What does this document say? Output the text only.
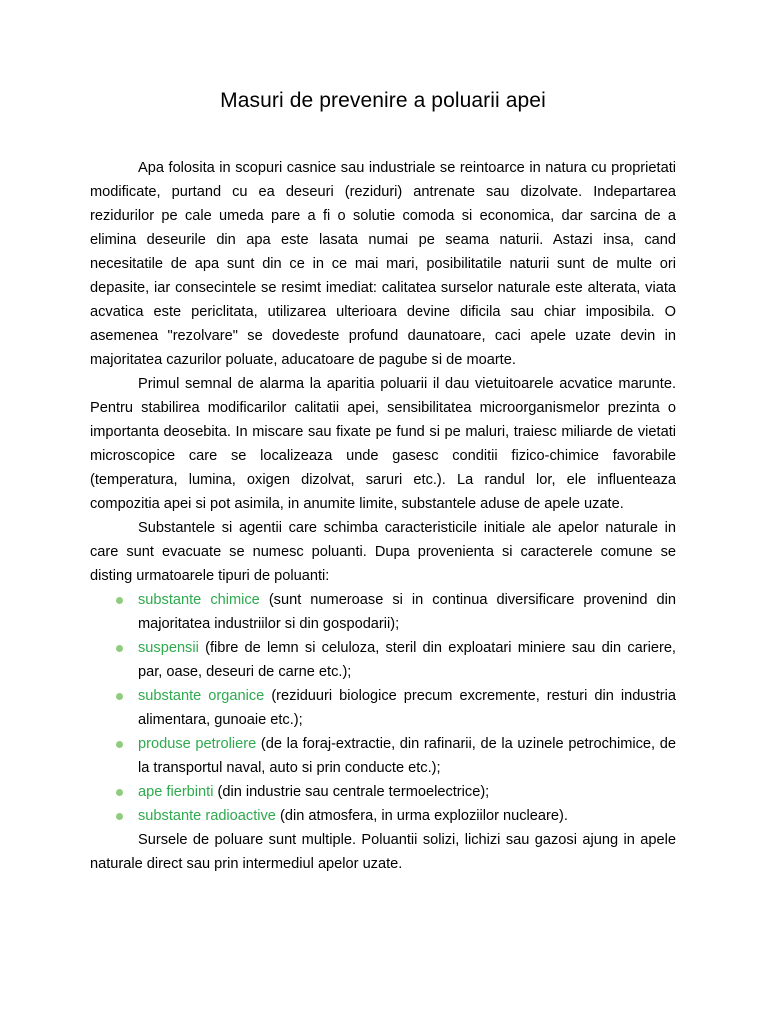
Masuri de prevenire a poluarii apei

Apa folosita in scopuri casnice sau industriale se reintoarce in natura cu proprietati modificate, purtand cu ea deseuri (reziduri) antrenate sau dizolvate. Indepartarea rezidurilor pe cale umeda pare a fi o solutie comoda si economica, dar sarcina de a elimina deseurile din apa este lasata numai pe seama naturii. Astazi insa, cand necesitatile de apa sunt din ce in ce mai mari, posibilitatile naturii sunt de multe ori depasite, iar consecintele se resimt imediat: calitatea surselor naturale este alterata, viata acvatica este periclitata, utilizarea ulterioara devine dificila sau chiar imposibila. O asemenea "rezolvare" se dovedeste profund daunatoare, caci apele uzate devin in majoritatea cazurilor poluate, aducatoare de pagube si de moarte.

Primul semnal de alarma la aparitia poluarii il dau vietuitoarele acvatice marunte. Pentru stabilirea modificarilor calitatii apei, sensibilitatea microorganismelor prezinta o importanta deosebita. In miscare sau fixate pe fund si pe maluri, traiesc miliarde de vietati microscopice care se localizeaza unde gasesc conditii fizico-chimice favorabile (temperatura, lumina, oxigen dizolvat, saruri etc.). La randul lor, ele influenteaza compozitia apei si pot asimila, in anumite limite, substantele aduse de apele uzate.

Substantele si agentii care schimba caracteristicile initiale ale apelor naturale in care sunt evacuate se numesc poluanti. Dupa provenienta si caracterele comune se disting urmatoarele tipuri de poluanti:

substante chimice (sunt numeroase si in continua diversificare provenind din majoritatea industriilor si din gospodarii);
suspensii (fibre de lemn si celuloza, steril din exploatari miniere sau din cariere, par, oase, deseuri de carne etc.);
substante organice (reziduuri biologice precum excremente, resturi din industria alimentara, gunoaie etc.);
produse petroliere (de la foraj-extractie, din rafinarii, de la uzinele petrochimice, de la transportul naval, auto si prin conducte etc.);
ape fierbinti (din industrie sau centrale termoelectrice);
substante radioactive (din atmosfera, in urma exploziilor nucleare).

Sursele de poluare sunt multiple. Poluantii solizi, lichizi sau gazosi ajung in apele naturale direct sau prin intermediul apelor uzate.
